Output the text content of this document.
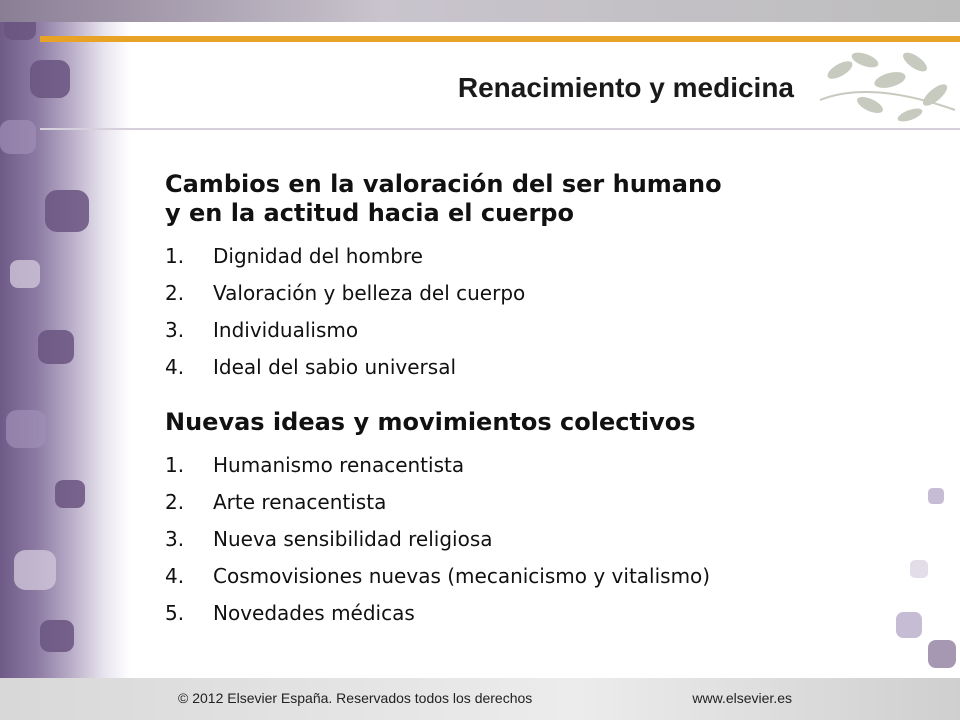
Renacimiento y medicina
Cambios en la valoración del ser humano
y en la actitud hacia el cuerpo
1. Dignidad del hombre
2. Valoración y belleza del cuerpo
3. Individualismo
4. Ideal del sabio universal
Nuevas ideas y movimientos colectivos
1. Humanismo renacentista
2. Arte renacentista
3. Nueva sensibilidad religiosa
4. Cosmovisiones nuevas (mecanicismo y vitalismo)
5. Novedades médicas
© 2012 Elsevier España. Reservados todos los derechos	www.elsevier.es
